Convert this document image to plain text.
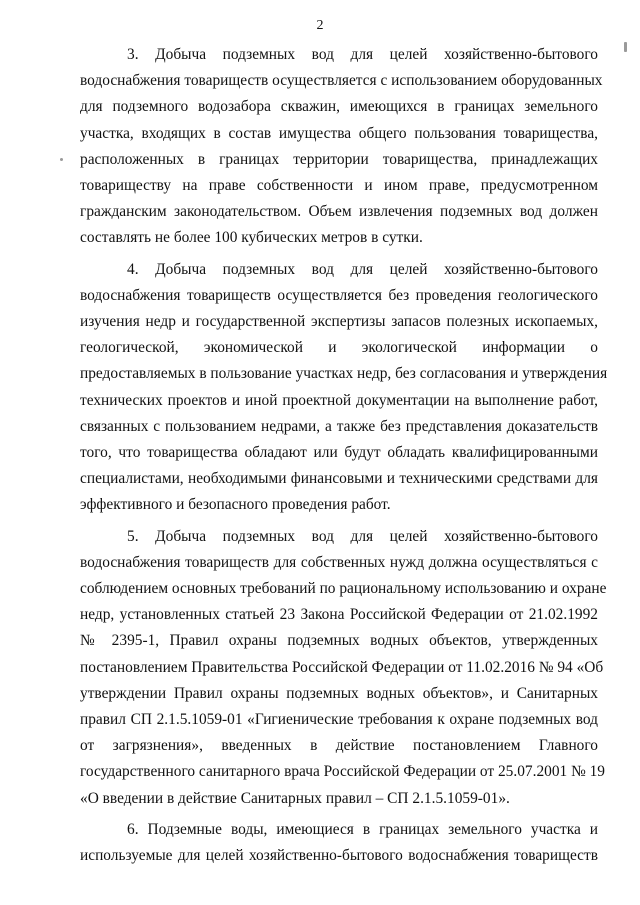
2

3. Добыча подземных вод для целей хозяйственно-бытового
водоснабжения товариществ осуществляется с использованием оборудованных
для подземного водозабора скважин, имеющихся в границах земельного
участка, входящих в состав имущества общего пользования товарищества,
расположенных в границах территории товарищества, принадлежащих
товариществу на праве собственности и ином праве, предусмотренном
гражданским законодательством. Объем извлечения подземных вод должен
составлять не более 100 кубических метров в сутки.

4. Добыча подземных вод для целей хозяйственно-бытового
водоснабжения товариществ осуществляется без проведения геологического
изучения недр и государственной экспертизы запасов полезных ископаемых,
геологической, экономической и экологической информации о
предоставляемых в пользование участках недр, без согласования и утверждения
технических проектов и иной проектной документации на выполнение работ,
связанных с пользованием недрами, а также без представления доказательств
того, что товарищества обладают или будут обладать квалифицированными
специалистами, необходимыми финансовыми и техническими средствами для
эффективного и безопасного проведения работ.

5. Добыча подземных вод для целей хозяйственно-бытового
водоснабжения товариществ для собственных нужд должна осуществляться с
соблюдением основных требований по рациональному использованию и охране
недр, установленных статьей 23 Закона Российской Федерации от 21.02.1992
№ 2395-1, Правил охраны подземных водных объектов, утвержденных
постановлением Правительства Российской Федерации от 11.02.2016 № 94 «Об
утверждении Правил охраны подземных водных объектов», и Санитарных
правил СП 2.1.5.1059-01 «Гигиенические требования к охране подземных вод
от загрязнения», введенных в действие постановлением Главного
государственного санитарного врача Российской Федерации от 25.07.2001 № 19
«О введении в действие Санитарных правил – СП 2.1.5.1059-01».

6. Подземные воды, имеющиеся в границах земельного участка и
используемые для целей хозяйственно-бытового водоснабжения товариществ
